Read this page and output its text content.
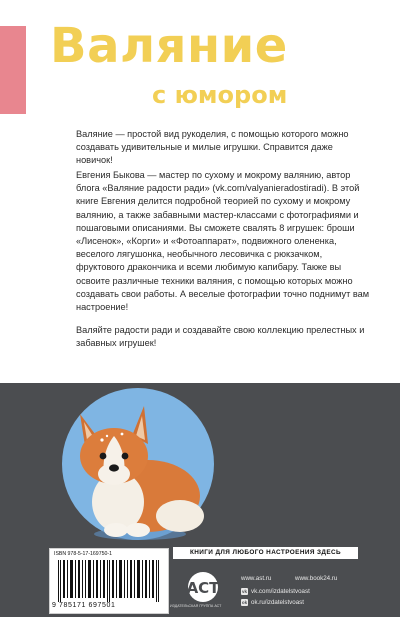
Валяние
с юмором

Валяние — простой вид рукоделия, с помощью которого можно создавать удивительные и милые игрушки. Справится даже новичок!

Евгения Быкова — мастер по сухому и мокрому валянию, автор блога «Валяние радости ради» (vk.com/valyanieradostiradi). В этой книге Евгения делится подробной теорией по сухому и мокрому валянию, а также забавными мастер-классами с фотографиями и пошаговыми описаниями. Вы сможете свалять 8 игрушек: броши «Лисенок», «Корги» и «Фотоаппарат», подвижного олененка, веселого лягушонка, необычного лесовичка с рюкзачком, фруктового дракончика и всеми любимую капибару. Также вы освоите различные техники валяния, с помощью которых можно создавать свои работы. А веселые фотографии точно поднимут вам настроение!

Валяйте радости ради и создавайте свою коллекцию прелестных и забавных игрушек!

ISBN 978-5-17-169750-1
9 785171 697501
КНИГИ ДЛЯ ЛЮБОГО НАСТРОЕНИЯ ЗДЕСЬ
ACT
ИЗДАТЕЛЬСКАЯ ГРУППА АСТ
www.ast.ru	www.book24.ru
vk vk.com/izdatelstvoast
ok ok.ru/izdatelstvoast
